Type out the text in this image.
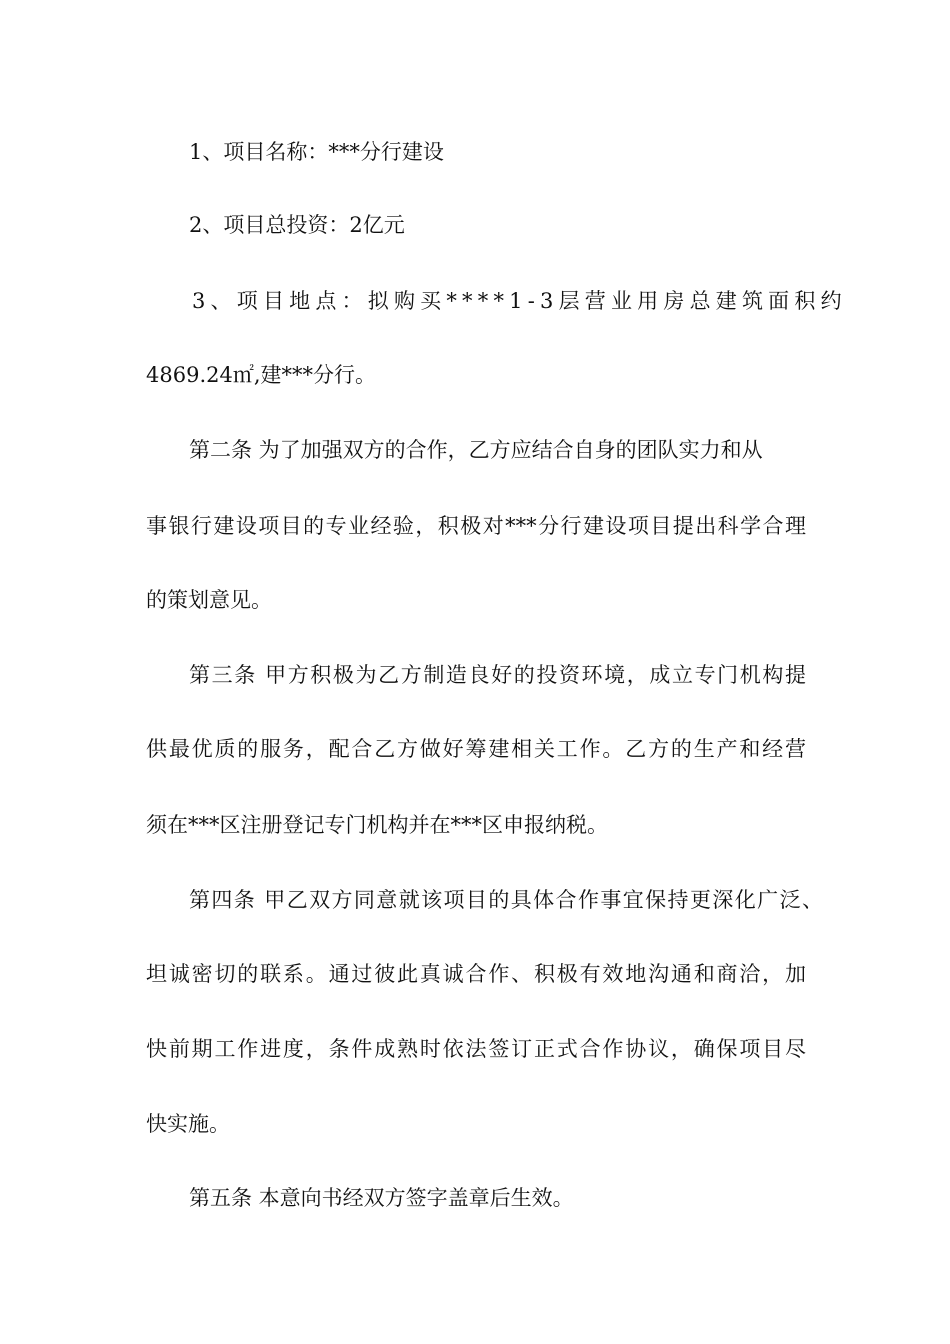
1、项目名称：***分行建设
2、项目总投资：2亿元
3、项目地点：拟购买****1-3层营业用房总建筑面积约
4869.24㎡,建***分行。
第二条 为了加强双方的合作，乙方应结合自身的团队实力和从
事银行建设项目的专业经验，积极对***分行建设项目提出科学合理
的策划意见。
第三条 甲方积极为乙方制造良好的投资环境，成立专门机构提
供最优质的服务，配合乙方做好筹建相关工作。乙方的生产和经营
须在***区注册登记专门机构并在***区申报纳税。
第四条 甲乙双方同意就该项目的具体合作事宜保持更深化广泛、
坦诚密切的联系。通过彼此真诚合作、积极有效地沟通和商洽，加
快前期工作进度，条件成熟时依法签订正式合作协议，确保项目尽
快实施。
第五条 本意向书经双方签字盖章后生效。
